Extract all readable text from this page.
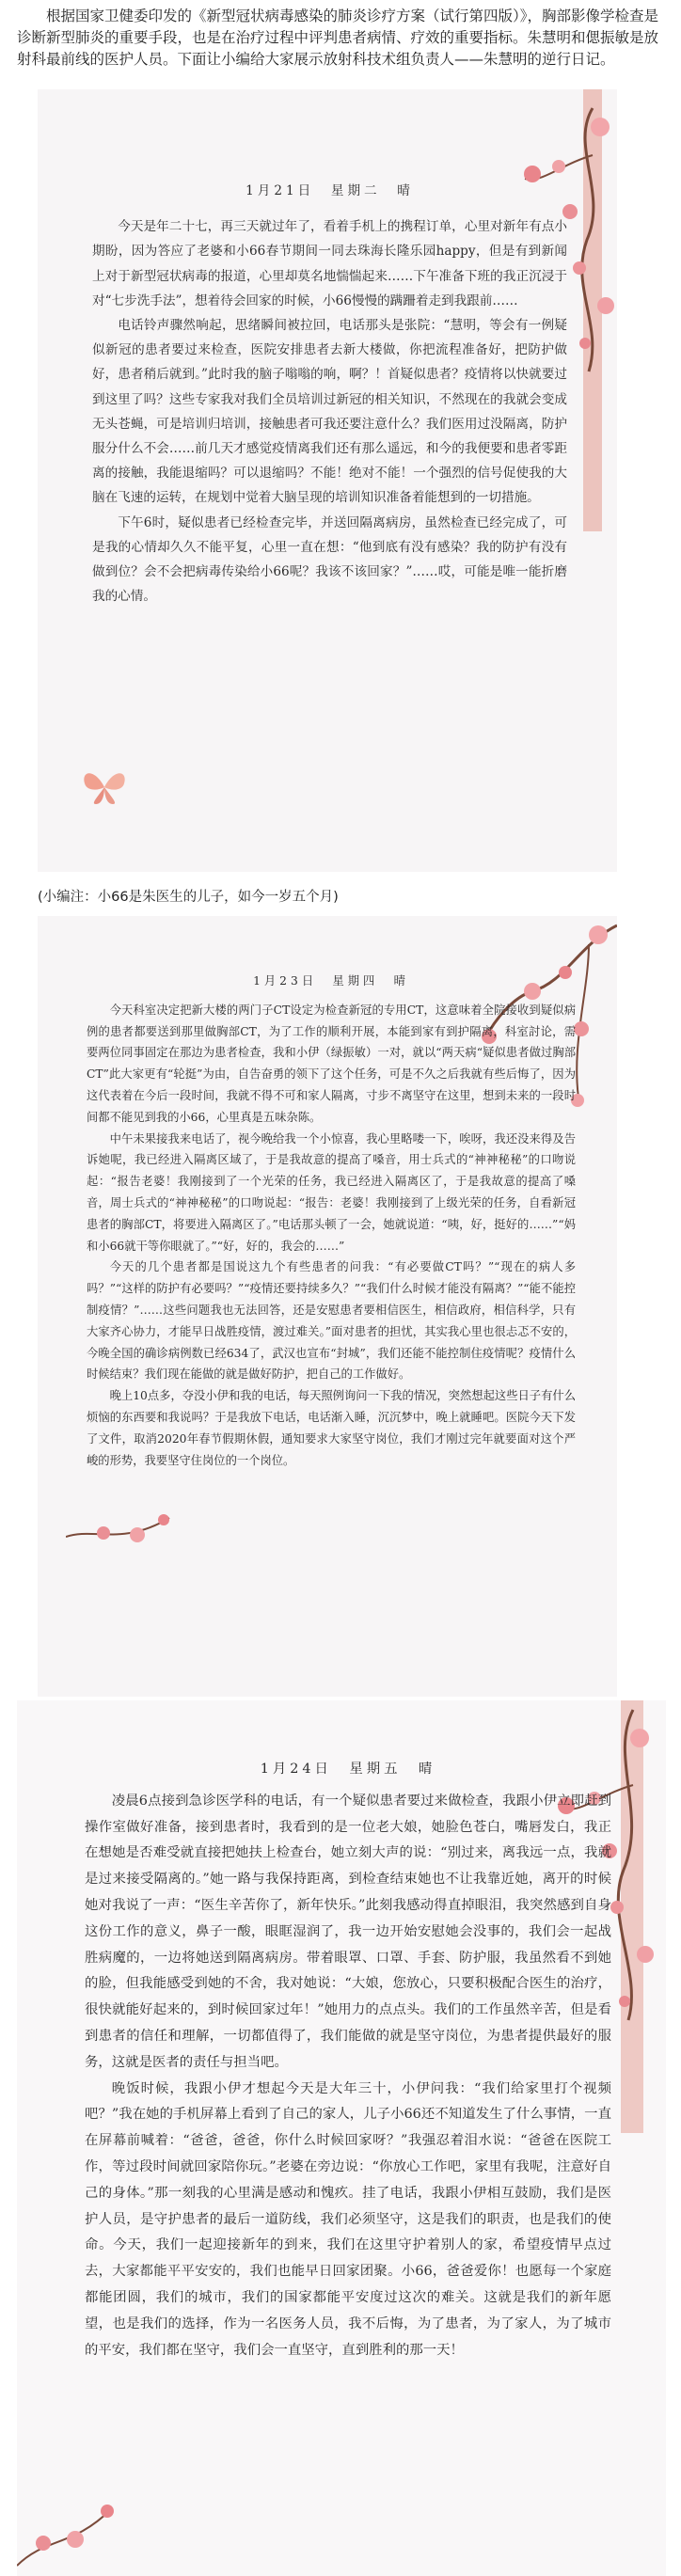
根据国家卫健委印发的《新型冠状病毒感染的肺炎诊疗方案（试行第四版）》，胸部影像学检查是诊断新型肺炎的重要手段，也是在治疗过程中评判患者病情、疗效的重要指标。朱慧明和偲振敏是放射科最前线的医护人员。下面让小编给大家展示放射科技术组负责人——朱慧明的逆行日记。

1月21日　星期二　晴

今天是年二十七，再三天就过年了，看着手机上的携程订单，心里对新年有点小期盼，因为答应了老婆和小66春节期间一同去珠海长隆乐园happy，但是有到新闻上对于新型冠状病毒的报道，心里却莫名地惴惴起来……下午准备下班的我正沉浸于对“七步洗手法”，想着待会回家的时候，小66慢慢的蹒跚着走到我跟前……

电话铃声骤然响起，思绪瞬间被拉回，电话那头是张院：“慧明，等会有一例疑似新冠的患者要过来检查，医院安排患者去新大楼做，你把流程准备好，把防护做好，患者稍后就到。”此时我的脑子嗡嗡的响，啊？！首疑似患者？疫情将以快就要过到这里了吗？这些专家我对我们全员培训过新冠的相关知识，不然现在的我就会变成无头苍蝇，可是培训归培训，接触患者可我还要注意什么？我们医用过没隔离，防护服分什么不会……前几天才感觉疫情离我们还有那么遥远，和今的我便要和患者零距离的接触，我能退缩吗？可以退缩吗？不能！绝对不能！一个强烈的信号促使我的大脑在飞速的运转，在规划中觉着大脑呈现的培训知识准备着能想到的一切措施。

下午6时，疑似患者已经检查完毕，并送回隔离病房，虽然检查已经完成了，可是我的心情却久久不能平复，心里一直在想：“他到底有没有感染？我的防护有没有做到位？会不会把病毒传染给小66呢？我该不该回家？”……哎，可能是唯一能折磨我的心情。

(小编注：小66是朱医生的儿子，如今一岁五个月)

1月23日　星期四　晴

今天科室决定把新大楼的两门子CT设定为检查新冠的专用CT，这意味着全院接收到疑似病例的患者都要送到那里做胸部CT，为了工作的顺利开展，本能到家有到护隔离，科室討论，需要两位同事固定在那边为患者检查，我和小伊（绿振敏）一对，就以“两天病“疑似患者做过胸部CT”此大家更有“轮挺”为由，自告奋勇的领下了这个任务，可是不久之后我就有些后悔了，因为这代表着在今后一段时间，我就不得不可和家人隔离，寸步不离坚守在这里，想到未来的一段时间都不能见到我的小66，心里真是五味杂陈。

中午未果接我来电话了，视今晚给我一个小惊喜，我心里略喽一下，唉呀，我还没来得及告诉她呢，我已经进入隔离区域了，于是我故意的提高了嗓音，用士兵式的“神神秘秘”的口吻说起：“报告老婆！我刚接到了一个光荣的任务，我已经进入隔离区了，于是我故意的提高了嗓音，周士兵式的“神神秘秘”的口吻说起：“报告：老婆！我刚接到了上级光荣的任务，自看新冠患者的胸部CT，将要进入隔离区了。”电话那头顿了一会，她就说道：“咦，好，挺好的……”“妈和小66就干等你眼就了。”“好，好的，我会的……”

今天的几个患者都是国说这九个有些患者的问我：“有必要做CT吗？”“现在的病人多吗？”“这样的防护有必要吗？”“疫情还要持续多久？”“我们什么时候才能没有隔离？”“能不能控制疫情？”……这些问题我也无法回答，还是安慰患者要相信医生，相信政府，相信科学，只有大家齐心协力，才能早日战胜疫情，渡过难关。”面对患者的担忧，其实我心里也很忐忑不安的，今晚全国的确诊病例数已经634了，武汉也宣布“封城”，我们还能不能控制住疫情呢？疫情什么时候结束？我们现在能做的就是做好防护，把自己的工作做好。

晚上10点多，夺没小伊和我的电话，每天照例询问一下我的情况，突然想起这些日子有什么烦恼的东西要和我说吗？于是我放下电话，电话渐入睡，沉沉梦中，晚上就睡吧。医院今天下发了文件，取消2020年春节假期休假，通知要求大家坚守岗位，我们才刚过完年就要面对这个严峻的形势，我要坚守住岗位的一个岗位。

1月24日　星期五　晴

凌晨6点接到急诊医学科的电话，有一个疑似患者要过来做检查，我跟小伊立即赶到操作室做好准备，接到患者时，我看到的是一位老大娘，她脸色苍白，嘴唇发白，我正在想她是否难受就直接把她扶上检查台，她立刻大声的说：“别过来，离我远一点，我就是过来接受隔离的。”她一路与我保持距离，到检查结束她也不让我靠近她，离开的时候她对我说了一声：“医生辛苦你了，新年快乐。”此刻我感动得直掉眼泪，我突然感到自身这份工作的意义，鼻子一酸，眼眶湿润了，我一边开始安慰她会没事的，我们会一起战胜病魔的，一边将她送到隔离病房。带着眼罩、口罩、手套、防护服，我虽然看不到她的脸，但我能感受到她的不舍，我对她说：“大娘，您放心，只要积极配合医生的治疗，很快就能好起来的，到时候回家过年！”她用力的点点头。我们的工作虽然辛苦，但是看到患者的信任和理解，一切都值得了，我们能做的就是坚守岗位，为患者提供最好的服务，这就是医者的责任与担当吧。

晚饭时候，我跟小伊才想起今天是大年三十，小伊问我：“我们给家里打个视频吧？”我在她的手机屏幕上看到了自己的家人，儿子小66还不知道发生了什么事情，一直在屏幕前喊着：“爸爸，爸爸，你什么时候回家呀？”我强忍着泪水说：“爸爸在医院工作，等过段时间就回家陪你玩。”老婆在旁边说：“你放心工作吧，家里有我呢，注意好自己的身体。”那一刻我的心里满是感动和愧疚。挂了电话，我跟小伊相互鼓励，我们是医护人员，是守护患者的最后一道防线，我们必须坚守，这是我们的职责，也是我们的使命。今天，我们一起迎接新年的到来，我们在这里守护着别人的家，希望疫情早点过去，大家都能平平安安的，我们也能早日回家团聚。小66，爸爸爱你！也愿每一个家庭都能团圆，我们的城市，我们的国家都能平安度过这次的难关。这就是我们的新年愿望，也是我们的选择，作为一名医务人员，我不后悔，为了患者，为了家人，为了城市的平安，我们都在坚守，我们会一直坚守，直到胜利的那一天！
